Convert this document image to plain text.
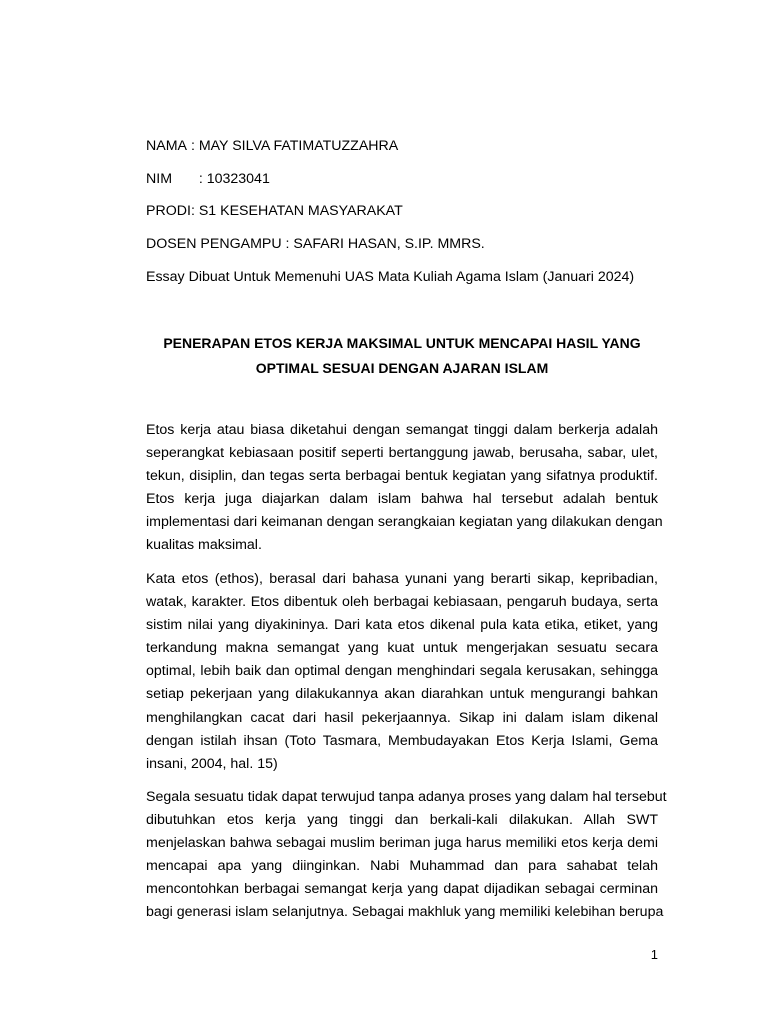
NAMA : MAY SILVA FATIMATUZZAHRA
NIM   : 10323041
PRODI: S1 KESEHATAN MASYARAKAT
DOSEN PENGAMPU : SAFARI HASAN, S.IP. MMRS.
Essay Dibuat Untuk Memenuhi UAS Mata Kuliah Agama Islam (Januari 2024)
PENERAPAN ETOS KERJA MAKSIMAL UNTUK MENCAPAI HASIL YANG
OPTIMAL SESUAI DENGAN AJARAN ISLAM
Etos kerja atau biasa diketahui dengan semangat tinggi dalam berkerja adalah
seperangkat kebiasaan positif seperti bertanggung jawab, berusaha, sabar, ulet,
tekun, disiplin, dan tegas serta berbagai bentuk kegiatan yang sifatnya produktif.
Etos kerja juga diajarkan dalam islam bahwa hal tersebut adalah bentuk
implementasi dari keimanan dengan serangkaian kegiatan yang dilakukan dengan
kualitas maksimal.
Kata etos (ethos), berasal dari bahasa yunani yang berarti sikap, kepribadian,
watak, karakter. Etos dibentuk oleh berbagai kebiasaan, pengaruh budaya, serta
sistim nilai yang diyakininya. Dari kata etos dikenal pula kata etika, etiket, yang
terkandung makna semangat yang kuat untuk mengerjakan sesuatu secara
optimal, lebih baik dan optimal dengan menghindari segala kerusakan, sehingga
setiap pekerjaan yang dilakukannya akan diarahkan untuk mengurangi bahkan
menghilangkan cacat dari hasil pekerjaannya. Sikap ini dalam islam dikenal
dengan istilah ihsan (Toto Tasmara, Membudayakan Etos Kerja Islami, Gema
insani, 2004, hal. 15)
Segala sesuatu tidak dapat terwujud tanpa adanya proses yang dalam hal tersebut
dibutuhkan etos kerja yang tinggi dan berkali-kali dilakukan. Allah SWT
menjelaskan bahwa sebagai muslim beriman juga harus memiliki etos kerja demi
mencapai apa yang diinginkan. Nabi Muhammad dan para sahabat telah
mencontohkan berbagai semangat kerja yang dapat dijadikan sebagai cerminan
bagi generasi islam selanjutnya. Sebagai makhluk yang memiliki kelebihan berupa
1
